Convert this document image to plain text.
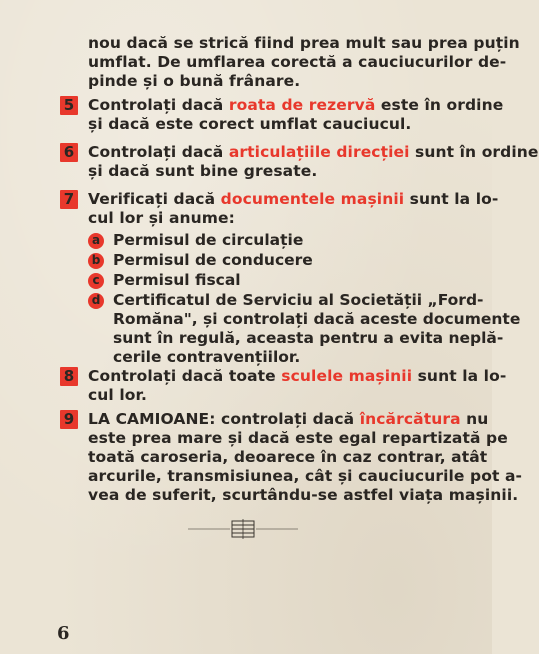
nou dacă se strică fiind prea mult sau prea puțin
umflat. De umflarea corectă a cauciucurilor de-
pinde și o bună frânare.
5 Controlați dacă roata de rezervă este în ordine
și dacă este corect umflat cauciucul.
6 Controlați dacă articulațiile direcției sunt în ordine
și dacă sunt bine gresate.
7 Verificați dacă documentele mașinii sunt la lo-
cul lor și anume:
a Permisul de circulație
b Permisul de conducere
c Permisul fiscal
d Certificatul de Serviciu al Societății „Ford-
Romăna", și controlați dacă aceste documente
sunt în regulă, aceasta pentru a evita neplă-
cerile contravențiilor.
8 Controlați dacă toate sculele mașinii sunt la lo-
cul lor.
9 LA CAMIOANE: controlați dacă încărcătura nu
este prea mare și dacă este egal repartizată pe
toată caroseria, deoarece în caz contrar, atât
arcurile, transmisiunea, cât și cauciucurile pot a-
vea de suferit, scurtându-se astfel viața mașinii.
6
